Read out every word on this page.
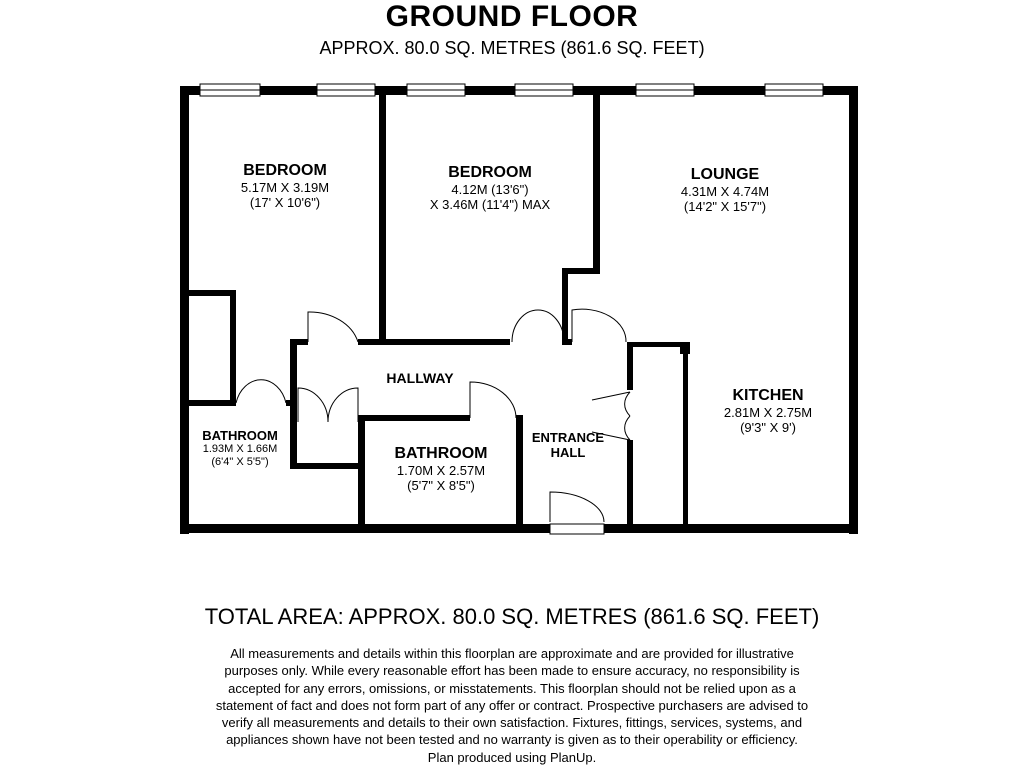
GROUND FLOOR
APPROX. 80.0 SQ. METRES (861.6 SQ. FEET)
BEDROOM
5.17M X 3.19M
(17' X 10'6")
BEDROOM
4.12M (13'6")
X 3.46M (11'4") MAX
LOUNGE
4.31M X 4.74M
(14'2" X 15'7")
KITCHEN
2.81M X 2.75M
(9'3" X 9')
HALLWAY
BATHROOM
1.93M X 1.66M
(6'4" X 5'5")	BATHROOM
1.70M X 2.57M
(5'7" X 8'5")
ENTRANCE
HALL
TOTAL AREA: APPROX. 80.0 SQ. METRES (861.6 SQ. FEET)
All measurements and details within this floorplan are approximate and are provided for illustrative
purposes only. While every reasonable effort has been made to ensure accuracy, no responsibility is
accepted for any errors, omissions, or misstatements. This floorplan should not be relied upon as a
statement of fact and does not form part of any offer or contract. Prospective purchasers are advised to
verify all measurements and details to their own satisfaction. Fixtures, fittings, services, systems, and
appliances shown have not been tested and no warranty is given as to their operability or efficiency.
Plan produced using PlanUp.
